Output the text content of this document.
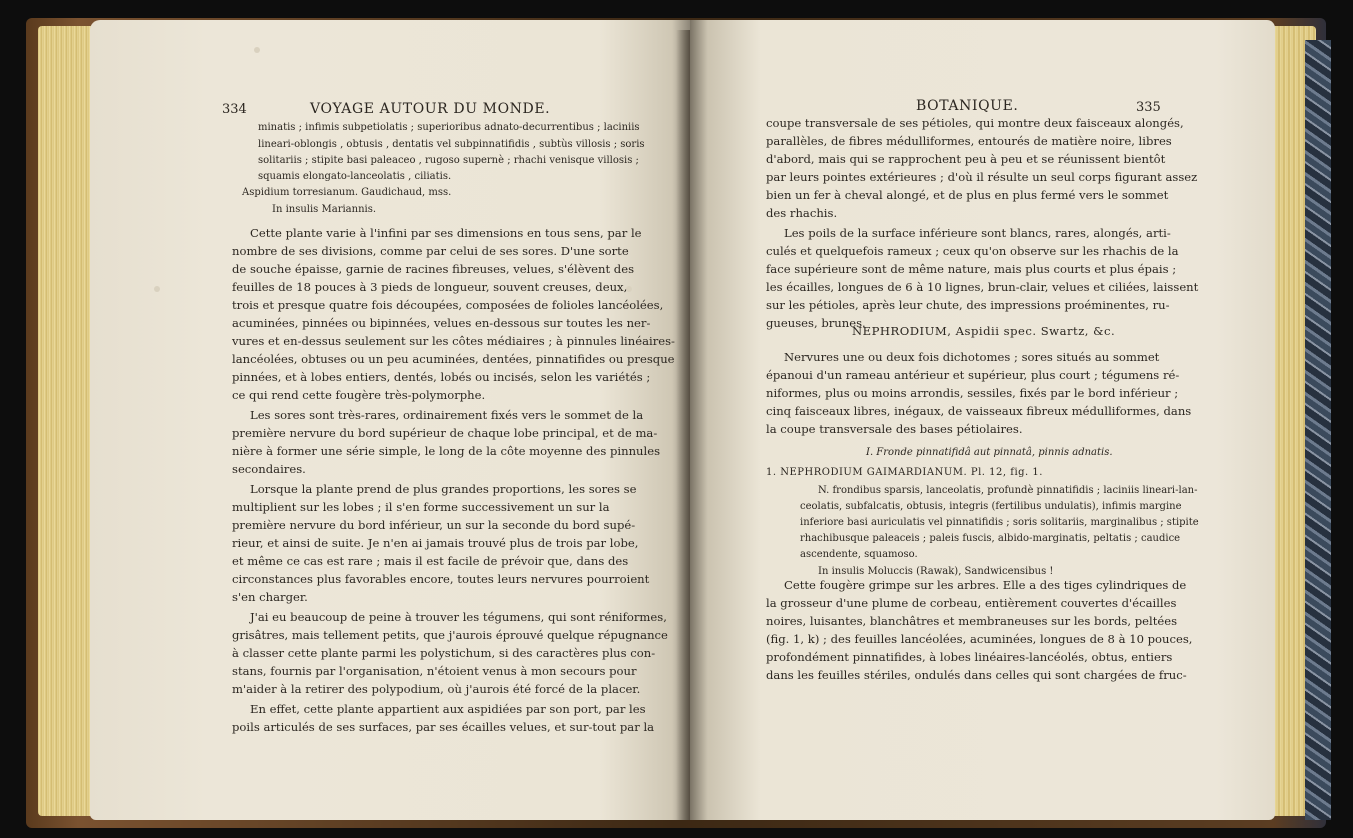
334	VOYAGE AUTOUR DU MONDE.
minatis ; infimis subpetiolatis ; superioribus adnato-decurrentibus ; laciniis
lineari-oblongis , obtusis , dentatis vel subpinnatifidis , subtùs villosis ; soris
solitariis ; stipite basi paleaceo , rugoso supernè ; rhachi venisque villosis ;
squamis elongato-lanceolatis , ciliatis.
Aspidium torresianum. Gaudichaud, mss.
In insulis Mariannis.
Cette plante varie à l'infini par ses dimensions en tous sens, par le
nombre de ses divisions, comme par celui de ses sores. D'une sorte
de souche épaisse, garnie de racines fibreuses, velues, s'élèvent des
feuilles de 18 pouces à 3 pieds de longueur, souvent creuses, deux,
trois et presque quatre fois découpées, composées de folioles lancéolées,
acuminées, pinnées ou bipinnées, velues en-dessous sur toutes les ner-
vures et en-dessus seulement sur les côtes médiaires ; à pinnules linéaires-
lancéolées, obtuses ou un peu acuminées, dentées, pinnatifides ou presque
pinnées, et à lobes entiers, dentés, lobés ou incisés, selon les variétés ;
ce qui rend cette fougère très-polymorphe.
Les sores sont très-rares, ordinairement fixés vers le sommet de la
première nervure du bord supérieur de chaque lobe principal, et de ma-
nière à former une série simple, le long de la côte moyenne des pinnules
secondaires.
Lorsque la plante prend de plus grandes proportions, les sores se
multiplient sur les lobes ; il s'en forme successivement un sur la
première nervure du bord inférieur, un sur la seconde du bord supé-
rieur, et ainsi de suite. Je n'en ai jamais trouvé plus de trois par lobe,
et même ce cas est rare ; mais il est facile de prévoir que, dans des
circonstances plus favorables encore, toutes leurs nervures pourroient
s'en charger.
J'ai eu beaucoup de peine à trouver les tégumens, qui sont réniformes,
grisâtres, mais tellement petits, que j'aurois éprouvé quelque répugnance
à classer cette plante parmi les polystichum, si des caractères plus con-
stans, fournis par l'organisation, n'étoient venus à mon secours pour
m'aider à la retirer des polypodium, où j'aurois été forcé de la placer.
En effet, cette plante appartient aux aspidiées par son port, par les
poils articulés de ses surfaces, par ses écailles velues, et sur-tout par la
BOTANIQUE.	335
coupe transversale de ses pétioles, qui montre deux faisceaux alongés,
parallèles, de fibres médulliformes, entourés de matière noire, libres
d'abord, mais qui se rapprochent peu à peu et se réunissent bientôt
par leurs pointes extérieures ; d'où il résulte un seul corps figurant assez
bien un fer à cheval alongé, et de plus en plus fermé vers le sommet
des rhachis.
Les poils de la surface inférieure sont blancs, rares, alongés, arti-
culés et quelquefois rameux ; ceux qu'on observe sur les rhachis de la
face supérieure sont de même nature, mais plus courts et plus épais ;
les écailles, longues de 6 à 10 lignes, brun-clair, velues et ciliées, laissent
sur les pétioles, après leur chute, des impressions proéminentes, ru-
gueuses, brunes.
NEPHRODIUM, Aspidii spec. Swartz, &c.
Nervures une ou deux fois dichotomes ; sores situés au sommet
épanoui d'un rameau antérieur et supérieur, plus court ; tégumens ré-
niformes, plus ou moins arrondis, sessiles, fixés par le bord inférieur ;
cinq faisceaux libres, inégaux, de vaisseaux fibreux médulliformes, dans
la coupe transversale des bases pétiolaires.
I. Fronde pinnatifidâ aut pinnatâ, pinnis adnatis.
1. NEPHRODIUM GAIMARDIANUM. Pl. 12, fig. 1.
N. frondibus sparsis, lanceolatis, profundè pinnatifidis ; laciniis lineari-lan-
ceolatis, subfalcatis, obtusis, integris (fertilibus undulatis), infimis margine
inferiore basi auriculatis vel pinnatifidis ; soris solitariis, marginalibus ; stipite
rhachibusque paleaceis ; paleis fuscis, albido-marginatis, peltatis ; caudice
ascendente, squamoso.
In insulis Moluccis (Rawak), Sandwicensibus !
Cette fougère grimpe sur les arbres. Elle a des tiges cylindriques de
la grosseur d'une plume de corbeau, entièrement couvertes d'écailles
noires, luisantes, blanchâtres et membraneuses sur les bords, peltées
(fig. 1, k) ; des feuilles lancéolées, acuminées, longues de 8 à 10 pouces,
profondément pinnatifides, à lobes linéaires-lancéolés, obtus, entiers
dans les feuilles stériles, ondulés dans celles qui sont chargées de fruc-
